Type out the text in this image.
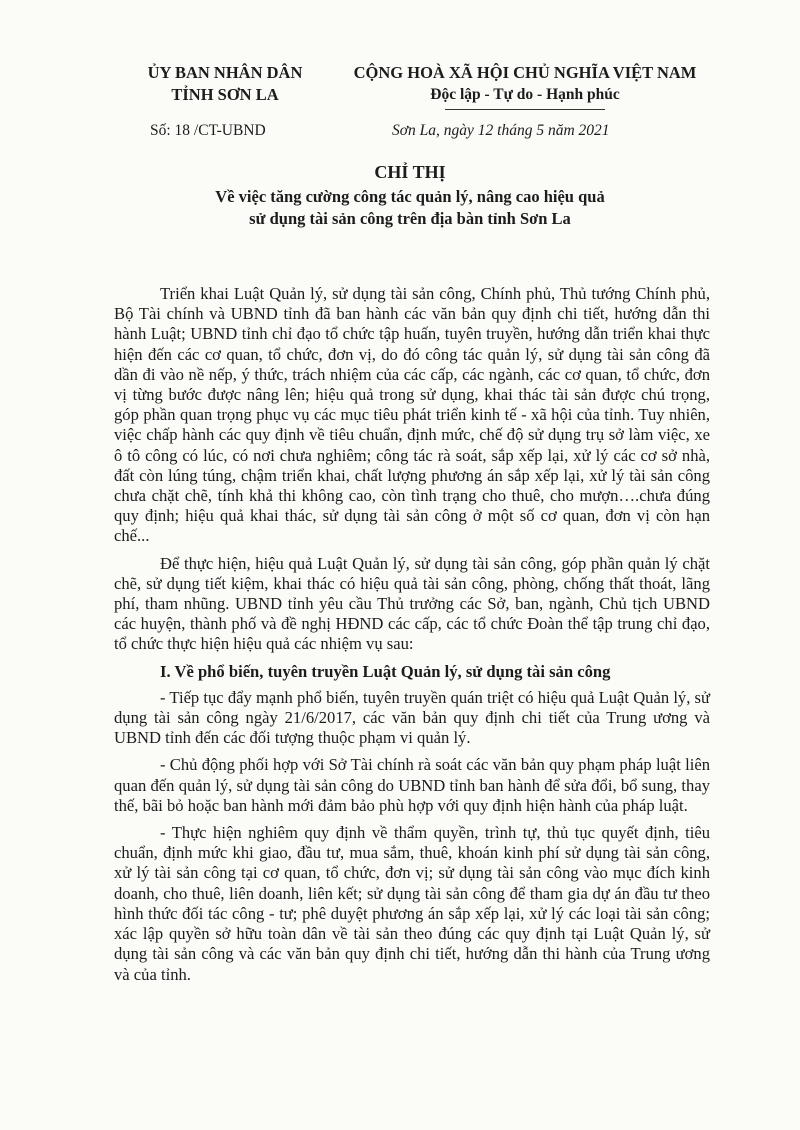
ỦY BAN NHÂN DÂN
TỈNH SƠN LA
CỘNG HOÀ XÃ HỘI CHỦ NGHĨA VIỆT NAM
Độc lập - Tự do - Hạnh phúc
Số: 18 /CT-UBND	Sơn La, ngày 12 tháng 5 năm 2021
CHỈ THỊ
Về việc tăng cường công tác quản lý, nâng cao hiệu quả
sử dụng tài sản công trên địa bàn tỉnh Sơn La

Triển khai Luật Quản lý, sử dụng tài sản công, Chính phủ, Thủ tướng Chính phủ, Bộ Tài chính và UBND tỉnh đã ban hành các văn bản quy định chi tiết, hướng dẫn thi hành Luật; UBND tỉnh chỉ đạo tổ chức tập huấn, tuyên truyền, hướng dẫn triển khai thực hiện đến các cơ quan, tổ chức, đơn vị, do đó công tác quản lý, sử dụng tài sản công đã dần đi vào nề nếp, ý thức, trách nhiệm của các cấp, các ngành, các cơ quan, tổ chức, đơn vị từng bước được nâng lên; hiệu quả trong sử dụng, khai thác tài sản được chú trọng, góp phần quan trọng phục vụ các mục tiêu phát triển kinh tế - xã hội của tỉnh. Tuy nhiên, việc chấp hành các quy định về tiêu chuẩn, định mức, chế độ sử dụng trụ sở làm việc, xe ô tô công có lúc, có nơi chưa nghiêm; công tác rà soát, sắp xếp lại, xử lý các cơ sở nhà, đất còn lúng túng, chậm triển khai, chất lượng phương án sắp xếp lại, xử lý tài sản công chưa chặt chẽ, tính khả thi không cao, còn tình trạng cho thuê, cho mượn….chưa đúng quy định; hiệu quả khai thác, sử dụng tài sản công ở một số cơ quan, đơn vị còn hạn chế...

Để thực hiện, hiệu quả Luật Quản lý, sử dụng tài sản công, góp phần quản lý chặt chẽ, sử dụng tiết kiệm, khai thác có hiệu quả tài sản công, phòng, chống thất thoát, lãng phí, tham nhũng. UBND tỉnh yêu cầu Thủ trưởng các Sở, ban, ngành, Chủ tịch UBND các huyện, thành phố và đề nghị HĐND các cấp, các tổ chức Đoàn thể tập trung chỉ đạo, tổ chức thực hiện hiệu quả các nhiệm vụ sau:

I. Về phổ biến, tuyên truyền Luật Quản lý, sử dụng tài sản công

- Tiếp tục đẩy mạnh phổ biến, tuyên truyền quán triệt có hiệu quả Luật Quản lý, sử dụng tài sản công ngày 21/6/2017, các văn bản quy định chi tiết của Trung ương và UBND tỉnh đến các đối tượng thuộc phạm vi quản lý.

- Chủ động phối hợp với Sở Tài chính rà soát các văn bản quy phạm pháp luật liên quan đến quản lý, sử dụng tài sản công do UBND tỉnh ban hành để sửa đổi, bổ sung, thay thế, bãi bỏ hoặc ban hành mới đảm bảo phù hợp với quy định hiện hành của pháp luật.

- Thực hiện nghiêm quy định về thẩm quyền, trình tự, thủ tục quyết định, tiêu chuẩn, định mức khi giao, đầu tư, mua sắm, thuê, khoán kinh phí sử dụng tài sản công, xử lý tài sản công tại cơ quan, tổ chức, đơn vị; sử dụng tài sản công vào mục đích kinh doanh, cho thuê, liên doanh, liên kết; sử dụng tài sản công để tham gia dự án đầu tư theo hình thức đối tác công - tư; phê duyệt phương án sắp xếp lại, xử lý các loại tài sản công; xác lập quyền sở hữu toàn dân về tài sản theo đúng các quy định tại Luật Quản lý, sử dụng tài sản công và các văn bản quy định chi tiết, hướng dẫn thi hành của Trung ương và của tỉnh.
